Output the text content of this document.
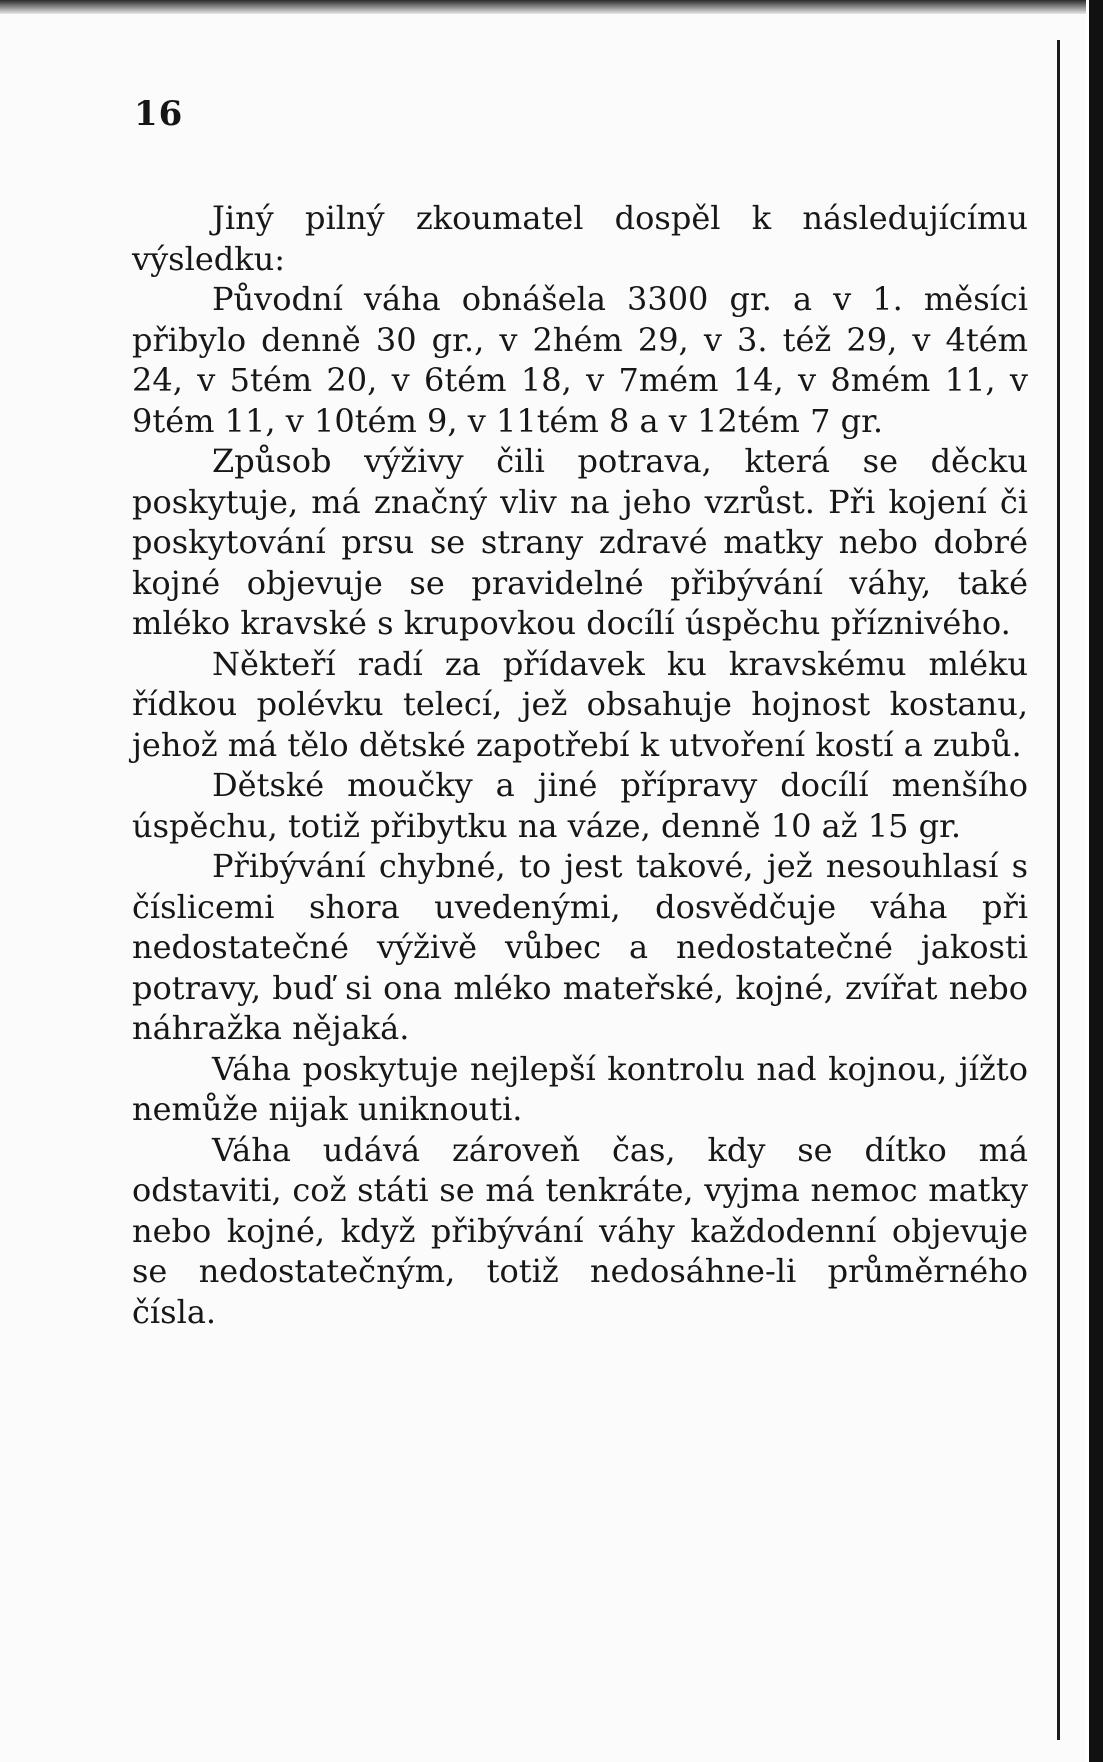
16

Jiný pilný zkoumatel dospěl k následujícímu výsledku:

Původní váha obnášela 3300 gr. a v 1. měsíci přibylo denně 30 gr., v 2hém 29, v 3. též 29, v 4tém 24, v 5tém 20, v 6tém 18, v 7mém 14, v 8mém 11, v 9tém 11, v 10tém 9, v 11tém 8 a v 12tém 7 gr.

Způsob výživy čili potrava, která se děcku poskytuje, má značný vliv na jeho vzrůst. Při kojení či poskytování prsu se strany zdravé matky nebo dobré kojné objevuje se pravidelné přibývání váhy, také mléko kravské s krupovkou docílí úspěchu příznivého.

Někteří radí za přídavek ku kravskému mléku řídkou polévku telecí, jež obsahuje hojnost kostanu, jehož má tělo dětské zapotřebí k utvoření kostí a zubů.

Dětské moučky a jiné přípravy docílí menšího úspěchu, totiž přibytku na váze, denně 10 až 15 gr.

Přibývání chybné, to jest takové, jež nesouhlasí s číslicemi shora uvedenými, dosvědčuje váha při nedostatečné výživě vůbec a nedostatečné jakosti potravy, buď si ona mléko mateřské, kojné, zvířat nebo náhražka nějaká.

Váha poskytuje nejlepší kontrolu nad kojnou, jížto nemůže nijak uniknouti.

Váha udává zároveň čas, kdy se dítko má odstaviti, což státi se má tenkráte, vyjma nemoc matky nebo kojné, když přibývání váhy každodenní objevuje se nedostatečným, totiž nedosáhne-li průměrného čísla.
